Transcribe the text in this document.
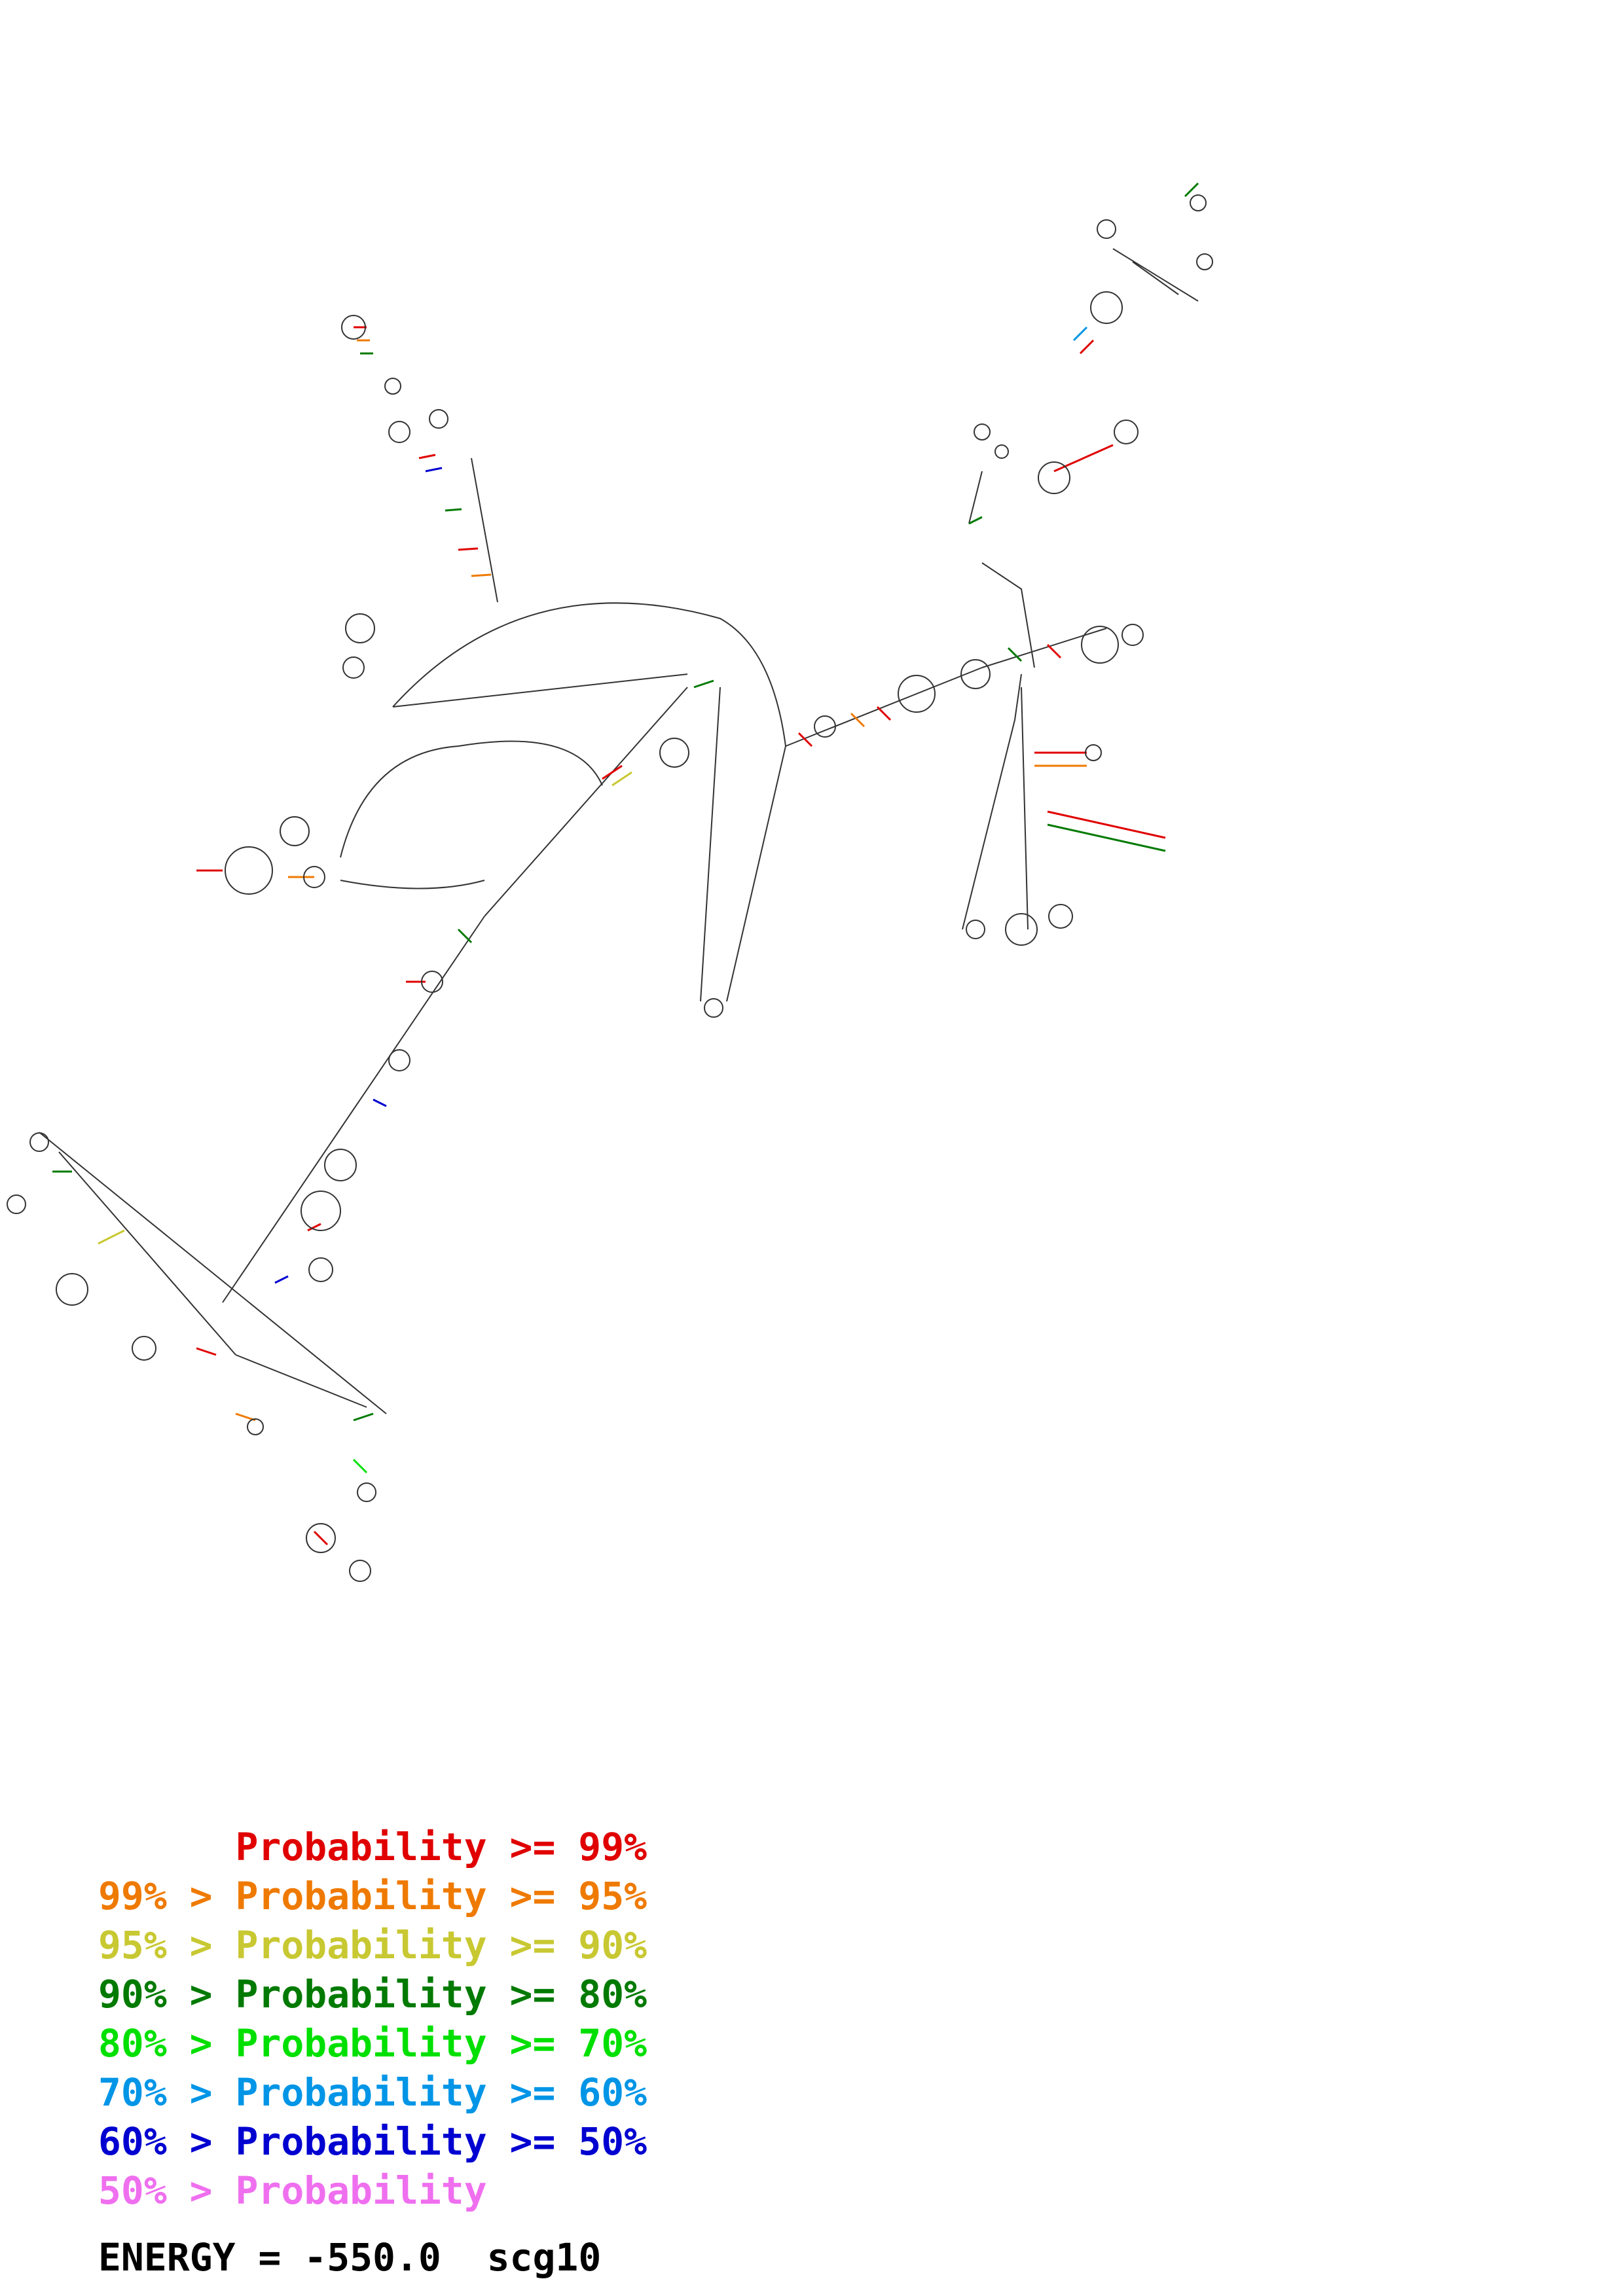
Probability >= 99%
99% > Probability >= 95%
95% > Probability >= 90%
90% > Probability >= 80%
80% > Probability >= 70%
70% > Probability >= 60%
60% > Probability >= 50%
50% > Probability
ENERGY = -550.0 scg10
